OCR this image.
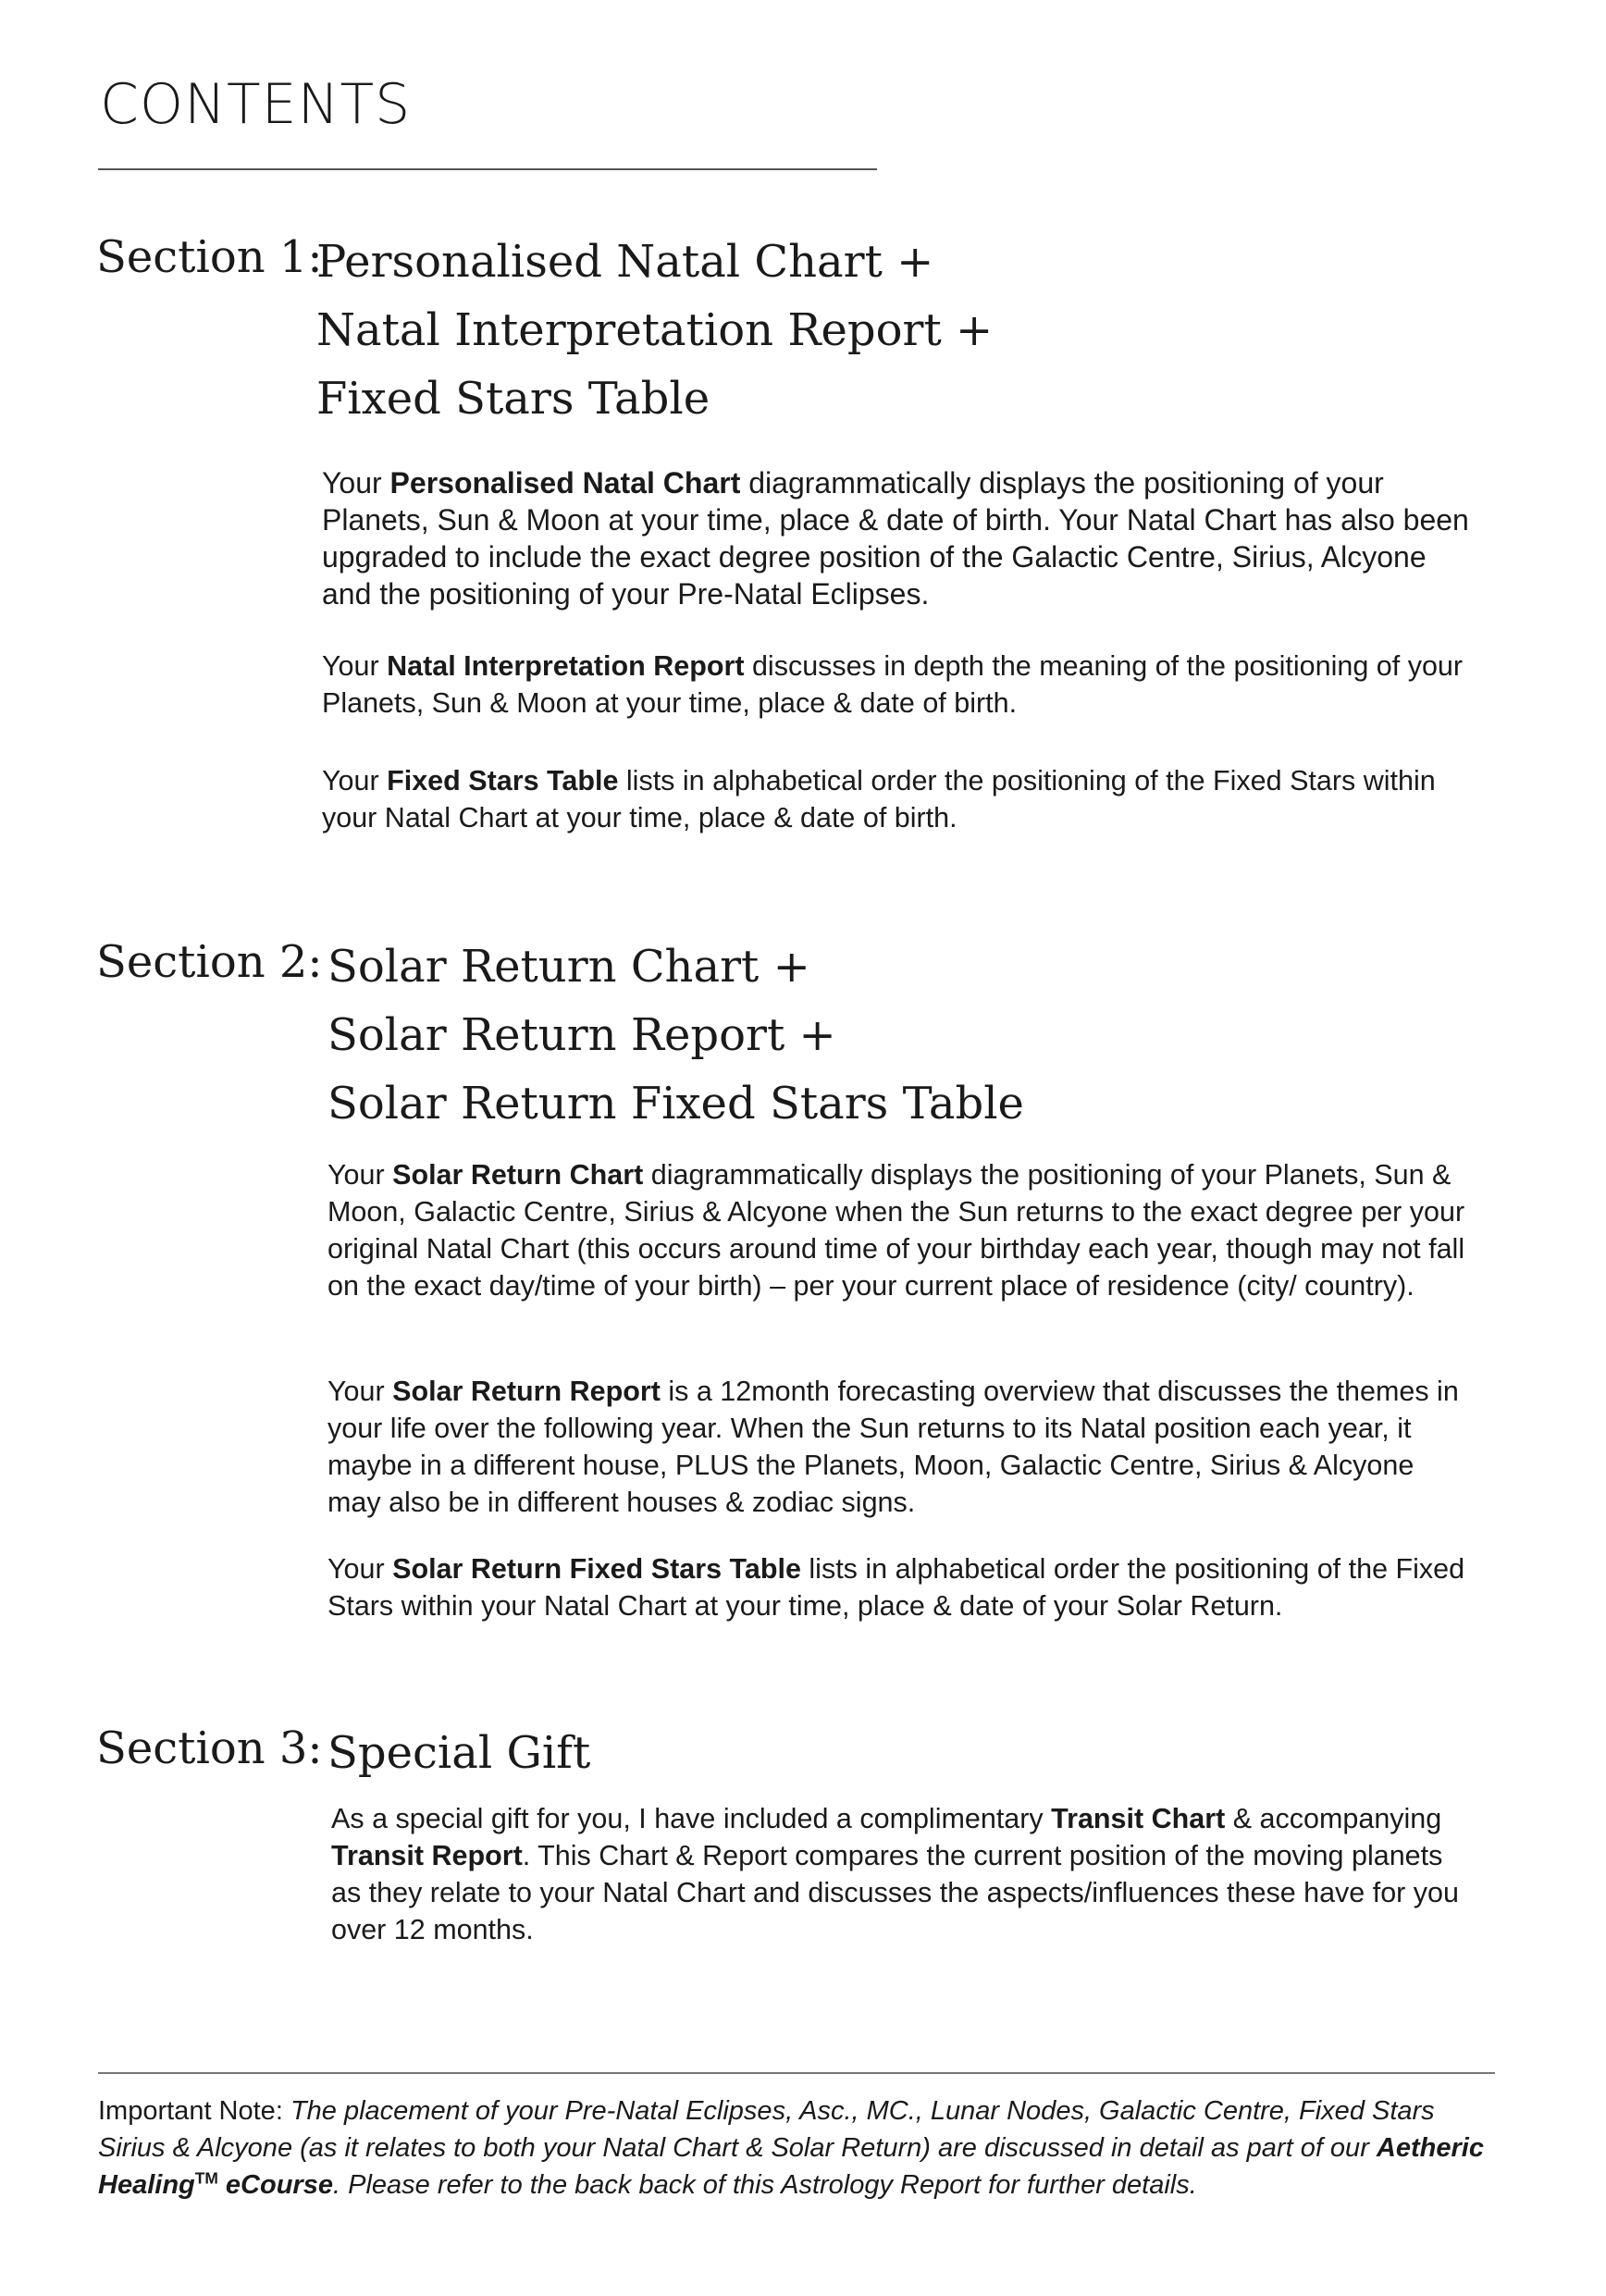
CONTENTS
Section 1:
Personalised Natal Chart +
Natal Interpretation Report +
Fixed Stars Table

Your Personalised Natal Chart diagrammatically displays the positioning of your Planets, Sun & Moon at your time, place & date of birth. Your Natal Chart has also been upgraded to include the exact degree position of the Galactic Centre, Sirius, Alcyone and the positioning of your Pre-Natal Eclipses.

Your Natal Interpretation Report discusses in depth the meaning of the positioning of your Planets, Sun & Moon at your time, place & date of birth.

Your Fixed Stars Table lists in alphabetical order the positioning of the Fixed Stars within your Natal Chart at your time, place & date of birth.

Section 2: Solar Return Chart +
Solar Return Report +
Solar Return Fixed Stars Table

Your Solar Return Chart diagrammatically displays the positioning of your Planets, Sun & Moon, Galactic Centre, Sirius & Alcyone when the Sun returns to the exact degree per your original Natal Chart (this occurs around time of your birthday each year, though may not fall on the exact day/time of your birth) – per your current place of residence (city/ country).

Your Solar Return Report is a 12month forecasting overview that discusses the themes in your life over the following year. When the Sun returns to its Natal position each year, it maybe in a different house, PLUS the Planets, Moon, Galactic Centre, Sirius & Alcyone may also be in different houses & zodiac signs.

Your Solar Return Fixed Stars Table lists in alphabetical order the positioning of the Fixed Stars within your Natal Chart at your time, place & date of your Solar Return.

Section 3: Special Gift

As a special gift for you, I have included a complimentary Transit Chart & accompanying Transit Report. This Chart & Report compares the current position of the moving planets as they relate to your Natal Chart and discusses the aspects/influences these have for you over 12 months.

Important Note: The placement of your Pre-Natal Eclipses, Asc., MC., Lunar Nodes, Galactic Centre, Fixed Stars Sirius & Alcyone (as it relates to both your Natal Chart & Solar Return) are discussed in detail as part of our Aetheric Healing™ eCourse. Please refer to the back back of this Astrology Report for further details.
